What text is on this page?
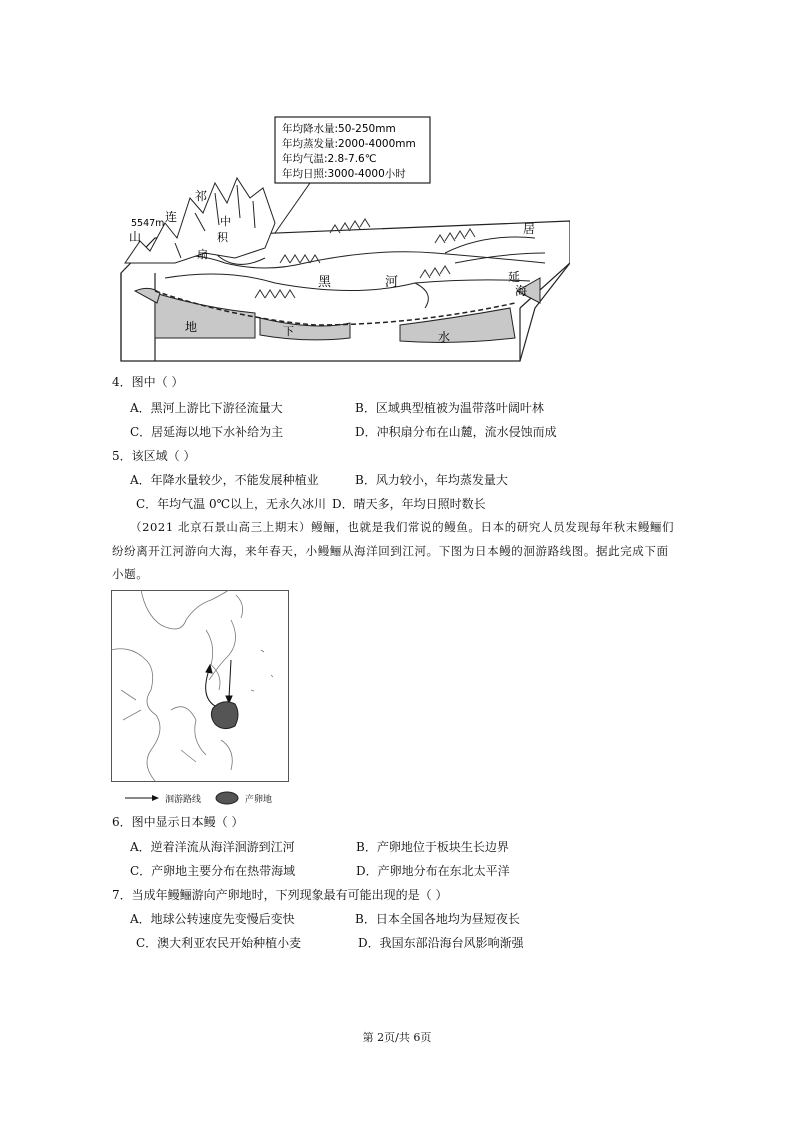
年均降水量:50-250mm
年均蒸发量:2000-4000mm
年均气温:2.8-7.6℃
年均日照:3000-4000小时
祁
连
5547m
山
中
积
扇
黑	河
居
延
海
地	下	水
4．图中（ ）
A．黑河上游比下游径流量大	B．区域典型植被为温带落叶阔叶林
C．居延海以地下水补给为主	D．冲积扇分布在山麓，流水侵蚀而成
5．该区域（ ）
A．年降水量较少，不能发展种植业	B．风力较小，年均蒸发量大
C．年均气温 0℃以上，无永久冰川 D．晴天多，年均日照时数长
（2021 北京石景山高三上期末）鳗鲡，也就是我们常说的鳗鱼。日本的研究人员发现每年秋末鳗鲡们
纷纷离开江河游向大海，来年春天，小鳗鲡从海洋回到江河。下图为日本鳗的洄游路线图。据此完成下面
小题。
洄游路线	产卵地
6．图中显示日本鳗（ ）
A．逆着洋流从海洋洄游到江河	B．产卵地位于板块生长边界
C．产卵地主要分布在热带海域	D．产卵地分布在东北太平洋
7．当成年鳗鲡游向产卵地时，下列现象最有可能出现的是（ ）
A．地球公转速度先变慢后变快	B．日本全国各地均为昼短夜长
C．澳大利亚农民开始种植小麦	D．我国东部沿海台风影响渐强
第 2页/共 6页
